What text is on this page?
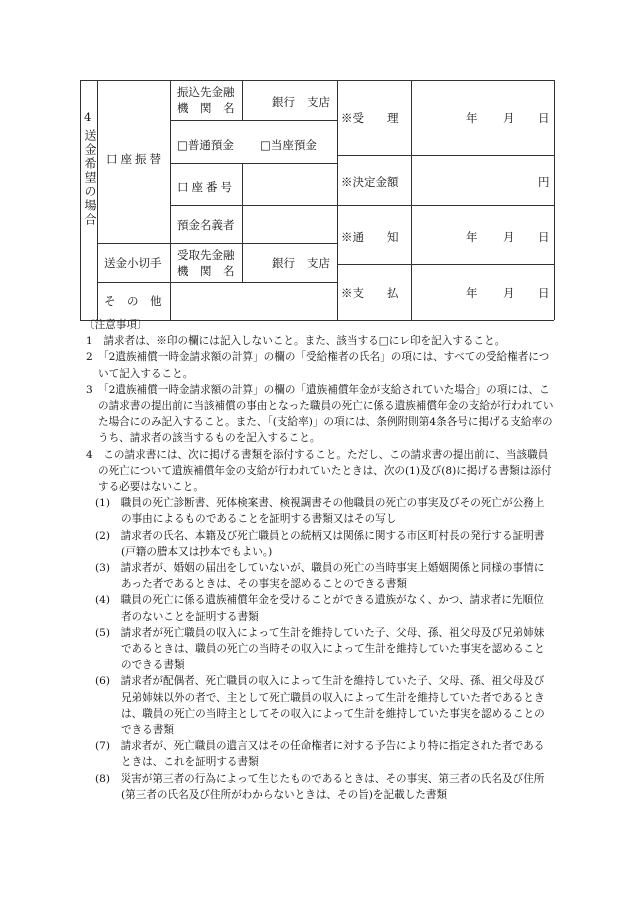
4
送金希望の場合 口座振替
送金小切手
そ　の　他
振込先金融
機　関　名	銀行 支店
□普通預金 □当座預金
口座番号
預金名義者
受取先金融
機　関　名
銀行 支店
※受　　理
※決定金額
※通　　知
※支　　払
年 月 日
円
年 月 日
年 月 日

〔注意事項〕

1　請求者は、※印の欄には記入しないこと。また、該当する□にレ印を記入すること。

2　「2遺族補償一時金請求額の計算」の欄の「受給権者の氏名」の項には、すべての受給権者について記入すること。

3　「2遺族補償一時金請求額の計算」の欄の「遺族補償年金が支給されていた場合」の項には、この請求書の提出前に当該補償の事由となった職員の死亡に係る遺族補償年金の支給が行われていた場合にのみ記入すること。また、「(支給率)」の項には、条例附則第4条各号に掲げる支給率のうち、請求者の該当するものを記入すること。

4　この請求書には、次に掲げる書類を添付すること。ただし、この請求書の提出前に、当該職員の死亡について遺族補償年金の支給が行われていたときは、次の(1)及び(8)に掲げる書類は添付する必要はないこと。

(1)　職員の死亡診断書、死体検案書、検視調書その他職員の死亡の事実及びその死亡が公務上の事由によるものであることを証明する書類又はその写し

(2)　請求者の氏名、本籍及び死亡職員との続柄又は関係に関する市区町村長の発行する証明書(戸籍の謄本又は抄本でもよい。)

(3)　請求者が、婚姻の届出をしていないが、職員の死亡の当時事実上婚姻関係と同様の事情にあった者であるときは、その事実を認めることのできる書類

(4)　職員の死亡に係る遺族補償年金を受けることができる遺族がなく、かつ、請求者に先順位者のないことを証明する書類

(5)　請求者が死亡職員の収入によって生計を維持していた子、父母、孫、祖父母及び兄弟姉妹であるときは、職員の死亡の当時その収入によって生計を維持していた事実を認めることのできる書類

(6)　請求者が配偶者、死亡職員の収入によって生計を維持していた子、父母、孫、祖父母及び兄弟姉妹以外の者で、主として死亡職員の収入によって生計を維持していた者であるときは、職員の死亡の当時主としてその収入によって生計を維持していた事実を認めることのできる書類

(7)　請求者が、死亡職員の遺言又はその任命権者に対する予告により特に指定された者であるときは、これを証明する書類

(8)　災害が第三者の行為によって生じたものであるときは、その事実、第三者の氏名及び住所(第三者の氏名及び住所がわからないときは、その旨)を記載した書類
